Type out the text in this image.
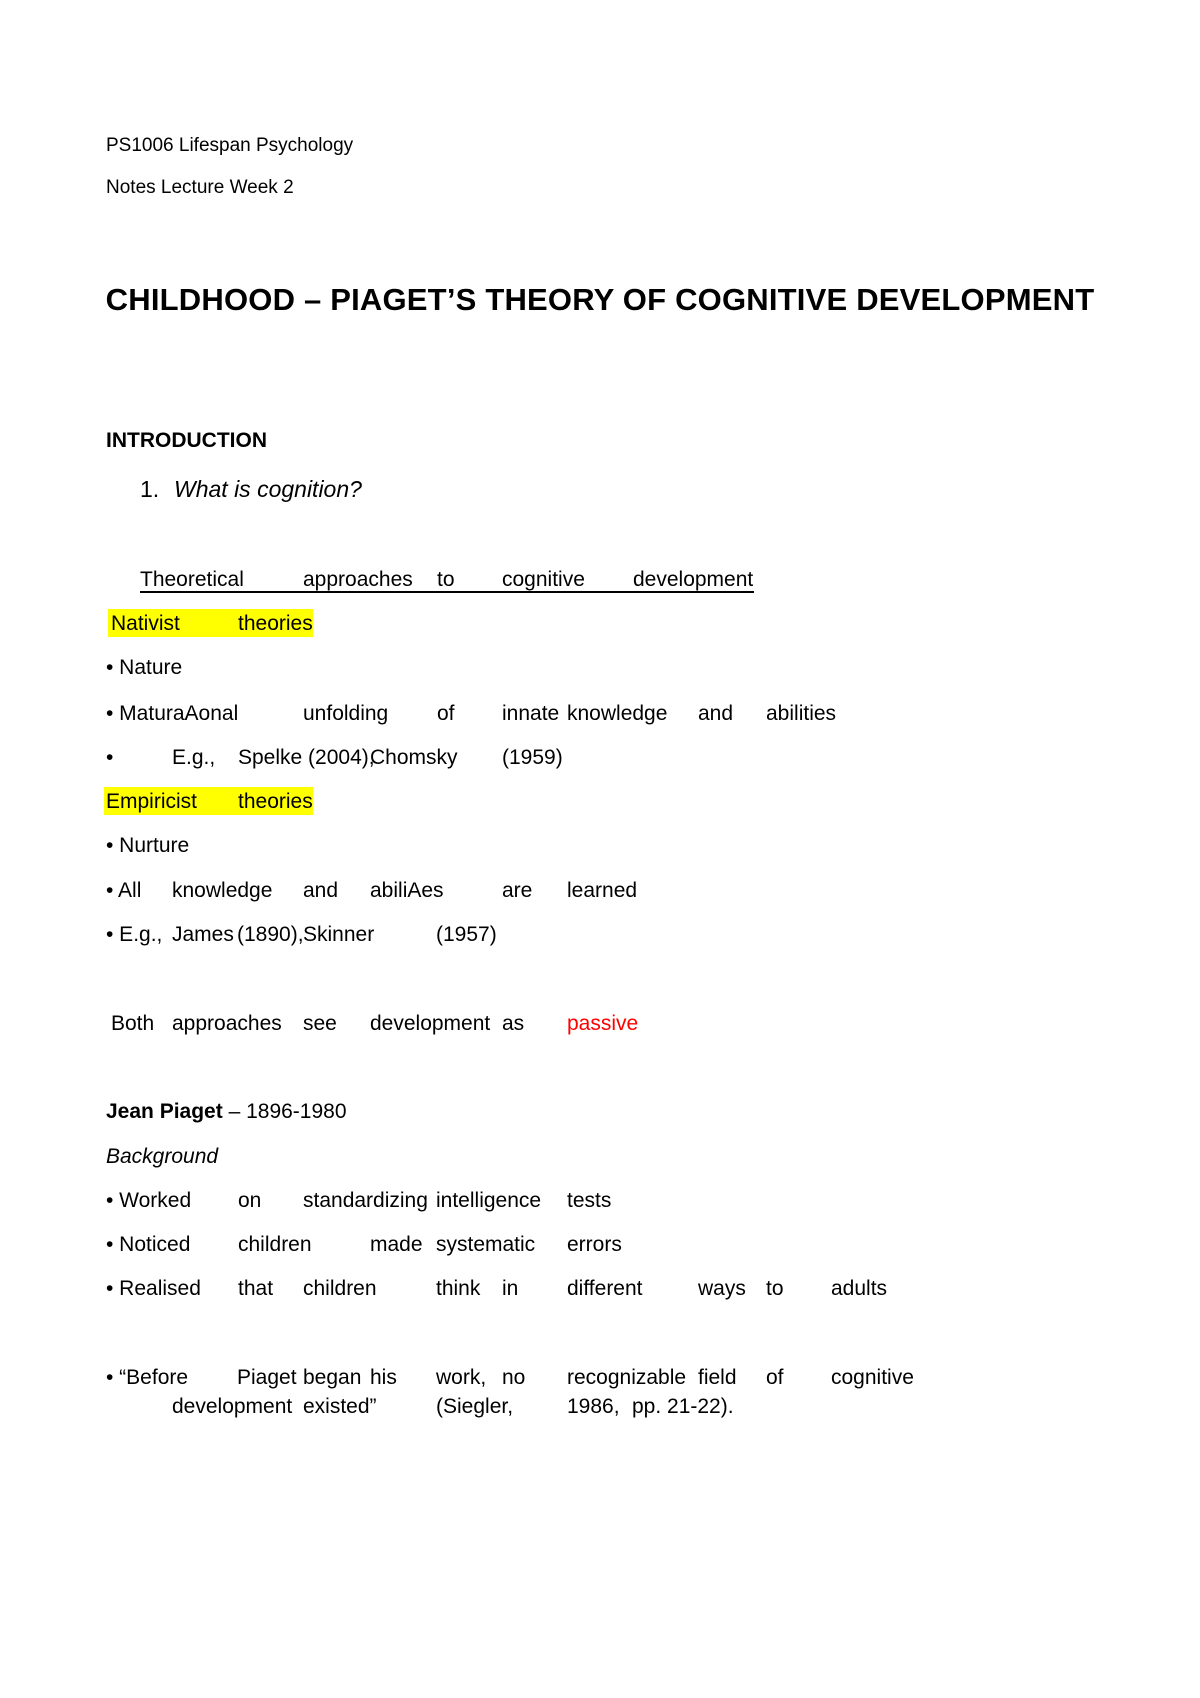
PS1006 Lifespan Psychology
Notes Lecture Week 2
CHILDHOOD – PIAGET’S THEORY OF COGNITIVE DEVELOPMENT
INTRODUCTION
1. What is cognition?
Theoretical	approaches to cognitive development
Nativist	theories
• Nature
• MaturaAonal	unfolding of innate knowledge and abilities
•	E.g., Spelke (2004),
Chomsky (1959)
Empiricist theories
• Nurture
• All knowledge and abiliAes	are learned
• E.g., James (1890), Skinner	(1957)
Both approaches see development as passive
Jean Piaget – 1896-1980
Background
• Worked on standardizing intelligence tests
• Noticed children	made systematic errors
• Realised that children	think in different	ways to adults
• “Before Piaget began his work, no recognizable field of cognitive
development existed”	(Siegler,	1986, pp. 21-22).
